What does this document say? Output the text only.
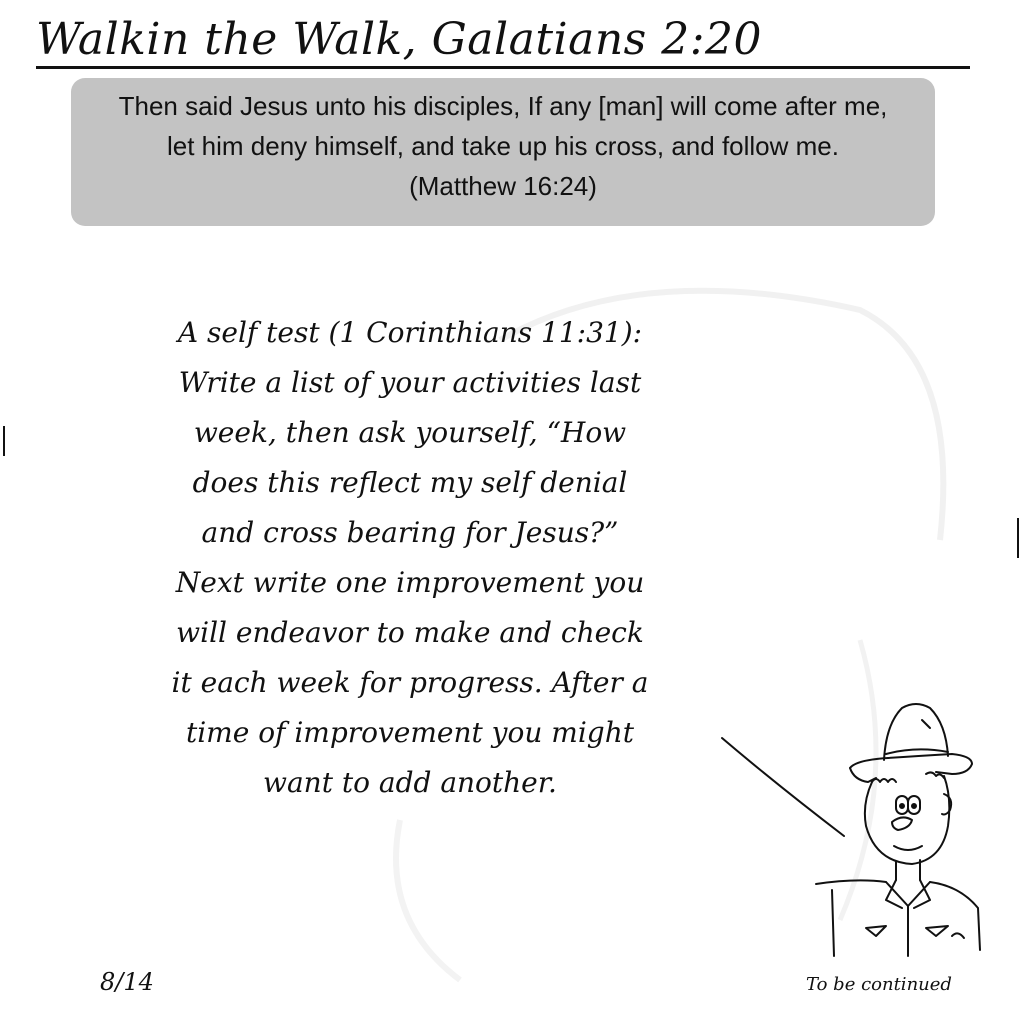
Walkin the Walk, Galatians 2:20
Then said Jesus unto his disciples, If any [man] will come after me, let him deny himself, and take up his cross, and follow me. (Matthew 16:24)
A self test (1 Corinthians 11:31):
Write a list of your activities last
week, then ask yourself, “How
does this reflect my self denial
and cross bearing for Jesus?”
Next write one improvement you
will endeavor to make and check
it each week for progress. After a
time of improvement you might
want to add another.
8/14	To be continued
